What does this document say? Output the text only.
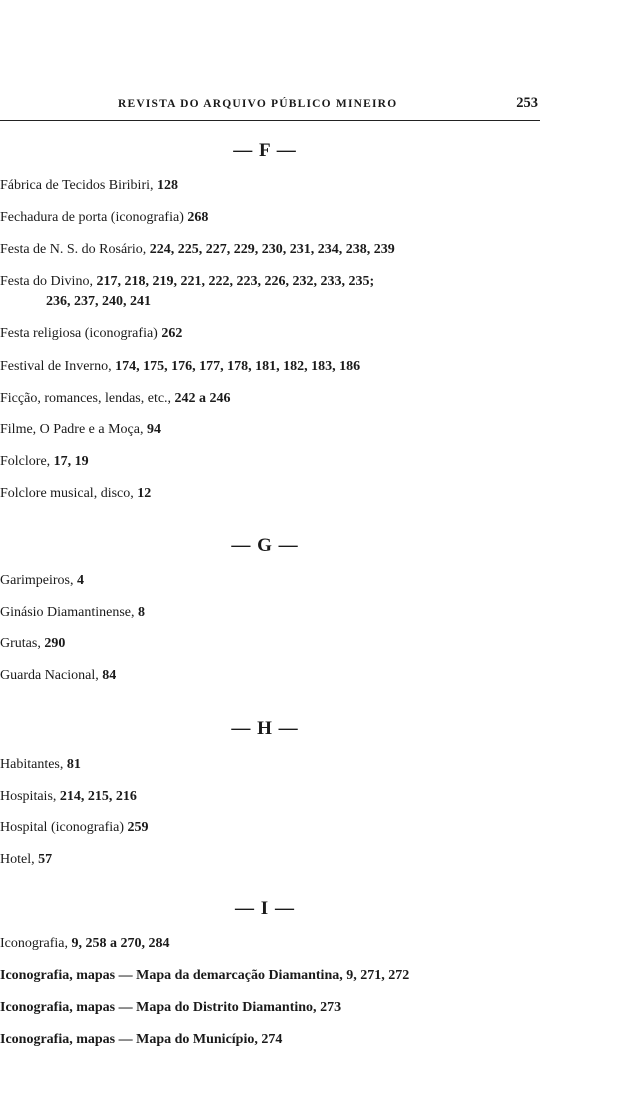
REVISTA DO ARQUIVO PÚBLICO MINEIRO	253
— F —
Fábrica de Tecidos Biribiri, 128
Fechadura de porta (iconografia) 268
Festa de N. S. do Rosário, 224, 225, 227, 229, 230, 231, 234, 238, 239
Festa do Divino, 217, 218, 219, 221, 222, 223, 226, 232, 233, 235;
236, 237, 240, 241
Festa religiosa (iconografia) 262
Festival de Inverno, 174, 175, 176, 177, 178, 181, 182, 183, 186
Ficção, romances, lendas, etc., 242 a 246
Filme, O Padre e a Moça, 94
Folclore, 17, 19
Folclore musical, disco, 12
— G —
Garimpeiros, 4
Ginásio Diamantinense, 8
Grutas, 290
Guarda Nacional, 84
— H —
Habitantes, 81
Hospitais, 214, 215, 216
Hospital (iconografia) 259
Hotel, 57
— I —
Iconografia, 9, 258 a 270, 284
Iconografia, mapas — Mapa da demarcação Diamantina, 9, 271, 272
Iconografia, mapas — Mapa do Distrito Diamantino, 273
Iconografia, mapas — Mapa do Município, 274
